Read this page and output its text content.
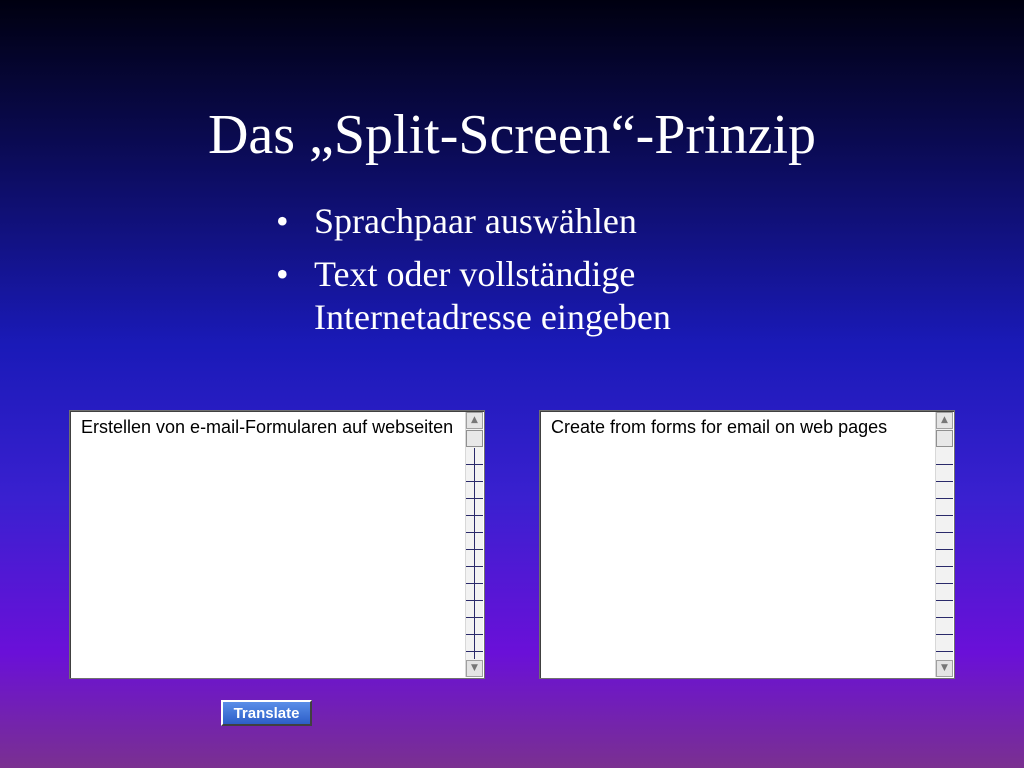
Das „Split-Screen“-Prinzip
• Sprachpaar auswählen
• Text oder vollständige Internetadresse eingeben
Erstellen von e-mail-Formularen auf webseiten	▲
▼
Create from forms for email on web pages	▲
▼
Translate
